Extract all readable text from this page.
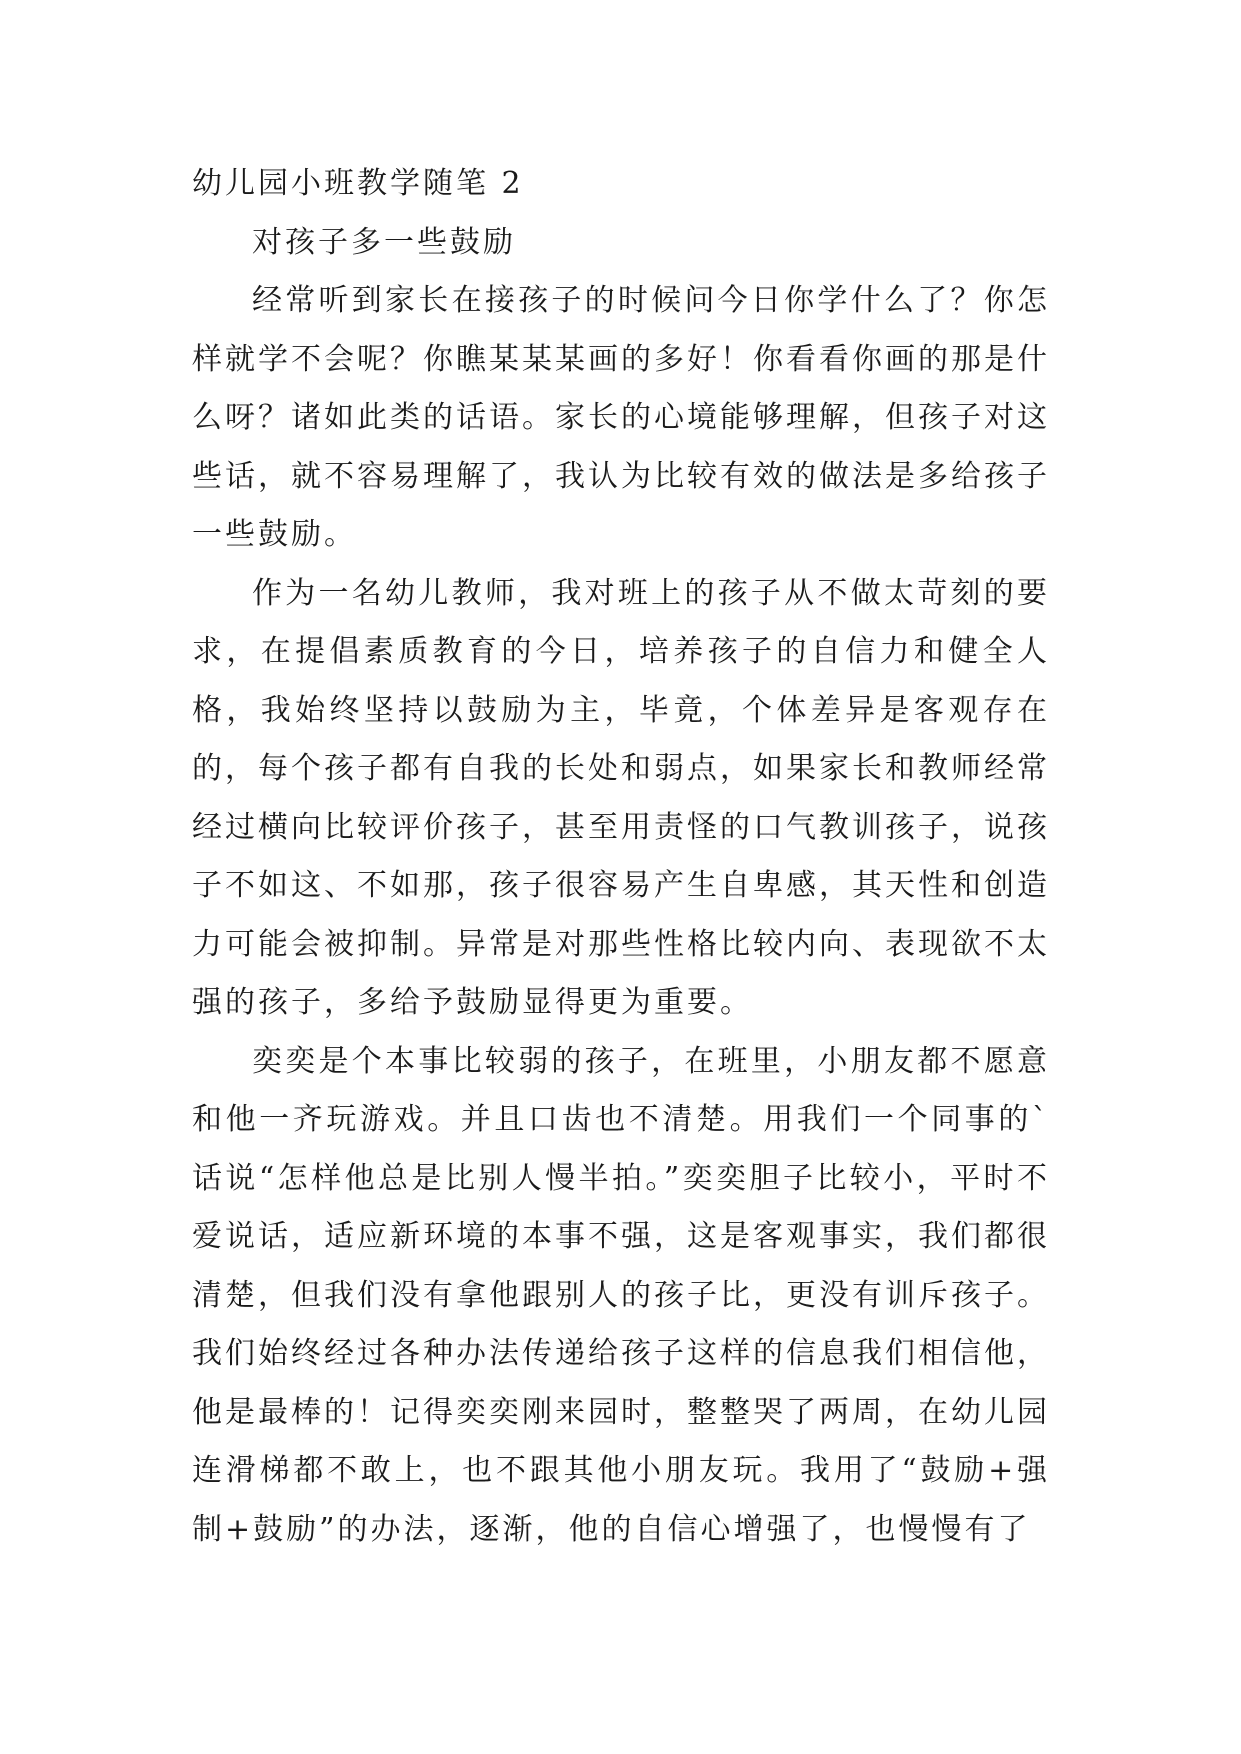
幼儿园小班教学随笔 2
对孩子多一些鼓励

经常听到家长在接孩子的时候问今日你学什么了？你怎样就学不会呢？你瞧某某某画的多好！你看看你画的那是什么呀？诸如此类的话语。家长的心境能够理解，但孩子对这些话，就不容易理解了，我认为比较有效的做法是多给孩子一些鼓励。

作为一名幼儿教师，我对班上的孩子从不做太苛刻的要求，在提倡素质教育的今日，培养孩子的自信力和健全人格，我始终坚持以鼓励为主，毕竟，个体差异是客观存在的，每个孩子都有自我的长处和弱点，如果家长和教师经常经过横向比较评价孩子，甚至用责怪的口气教训孩子，说孩子不如这、不如那，孩子很容易产生自卑感，其天性和创造力可能会被抑制。异常是对那些性格比较内向、表现欲不太强的孩子，多给予鼓励显得更为重要。

奕奕是个本事比较弱的孩子，在班里，小朋友都不愿意和他一齐玩游戏。并且口齿也不清楚。用我们一个同事的`话说“怎样他总是比别人慢半拍。”奕奕胆子比较小，平时不爱说话，适应新环境的本事不强，这是客观事实，我们都很清楚，但我们没有拿他跟别人的孩子比，更没有训斥孩子。我们始终经过各种办法传递给孩子这样的信息我们相信他，他是最棒的！记得奕奕刚来园时，整整哭了两周，在幼儿园连滑梯都不敢上，也不跟其他小朋友玩。我用了“鼓励+强制+鼓励”的办法，逐渐，他的自信心增强了，也慢慢有了
